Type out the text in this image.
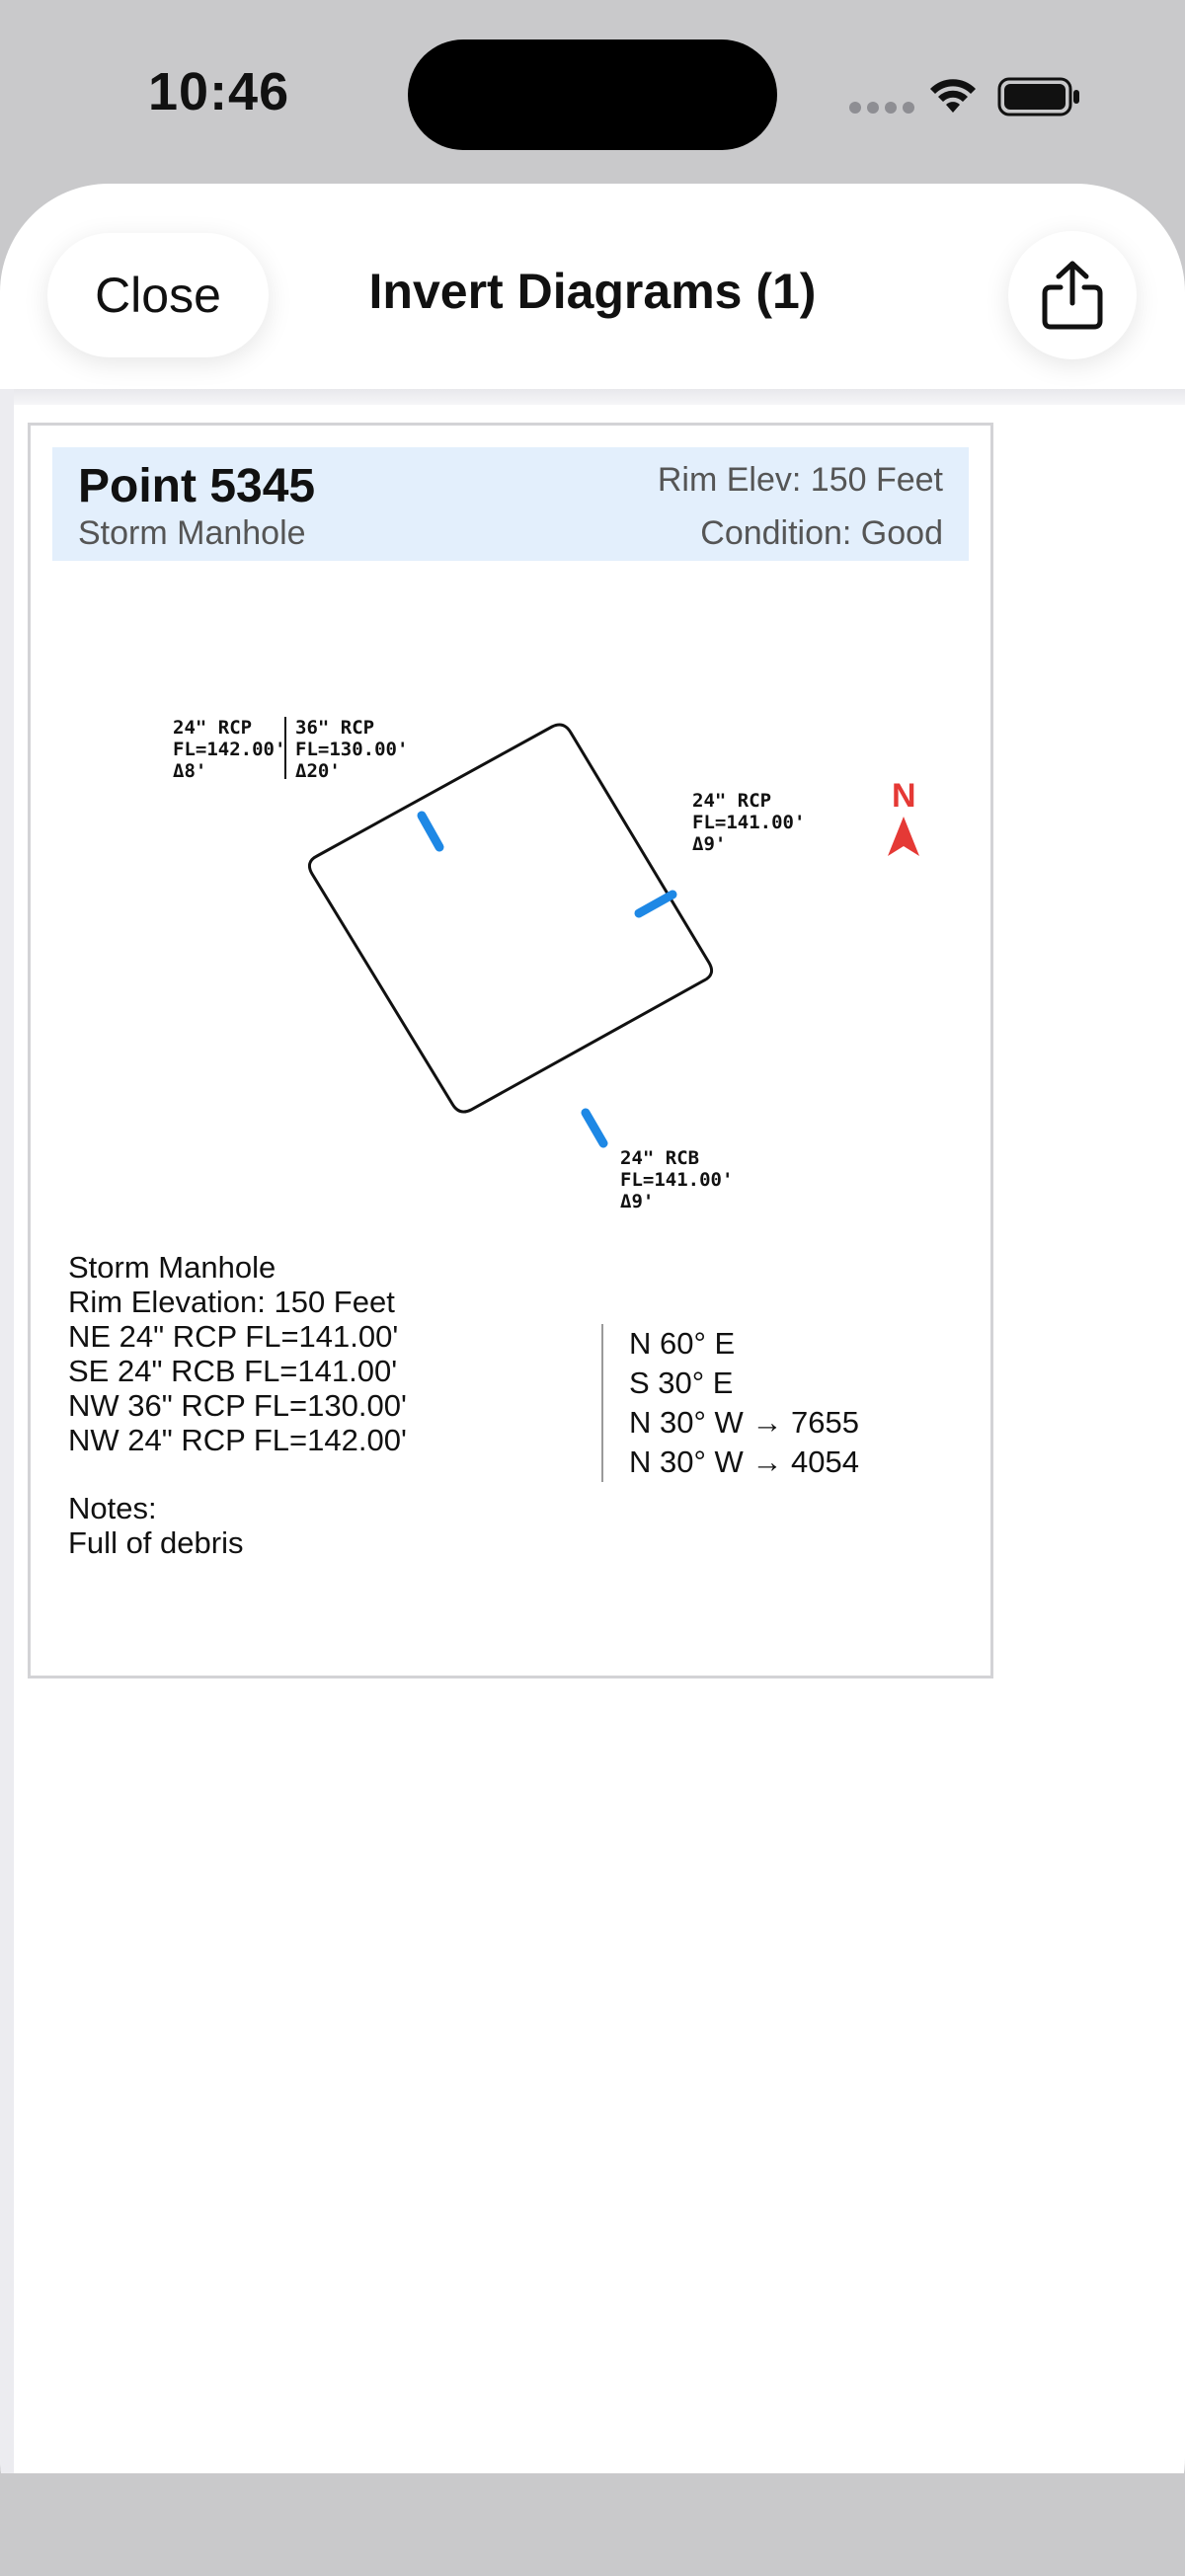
10:46
Close	Invert Diagrams (1)
Point 5345
Storm Manhole
Rim Elev: 150 Feet
Condition: Good
24" RCP
FL=142.00'
Δ8'
36" RCP
FL=130.00'
Δ20'
24" RCP
FL=141.00'
Δ9'
24" RCB
FL=141.00'
Δ9'
N
Storm Manhole
Rim Elevation: 150 Feet
NE 24" RCP FL=141.00'
SE 24" RCB FL=141.00'
NW 36" RCP FL=130.00'
NW 24" RCP FL=142.00'
Notes:
Full of debris
N 60° E
S 30° E
N 30° W → 7655
N 30° W → 4054
